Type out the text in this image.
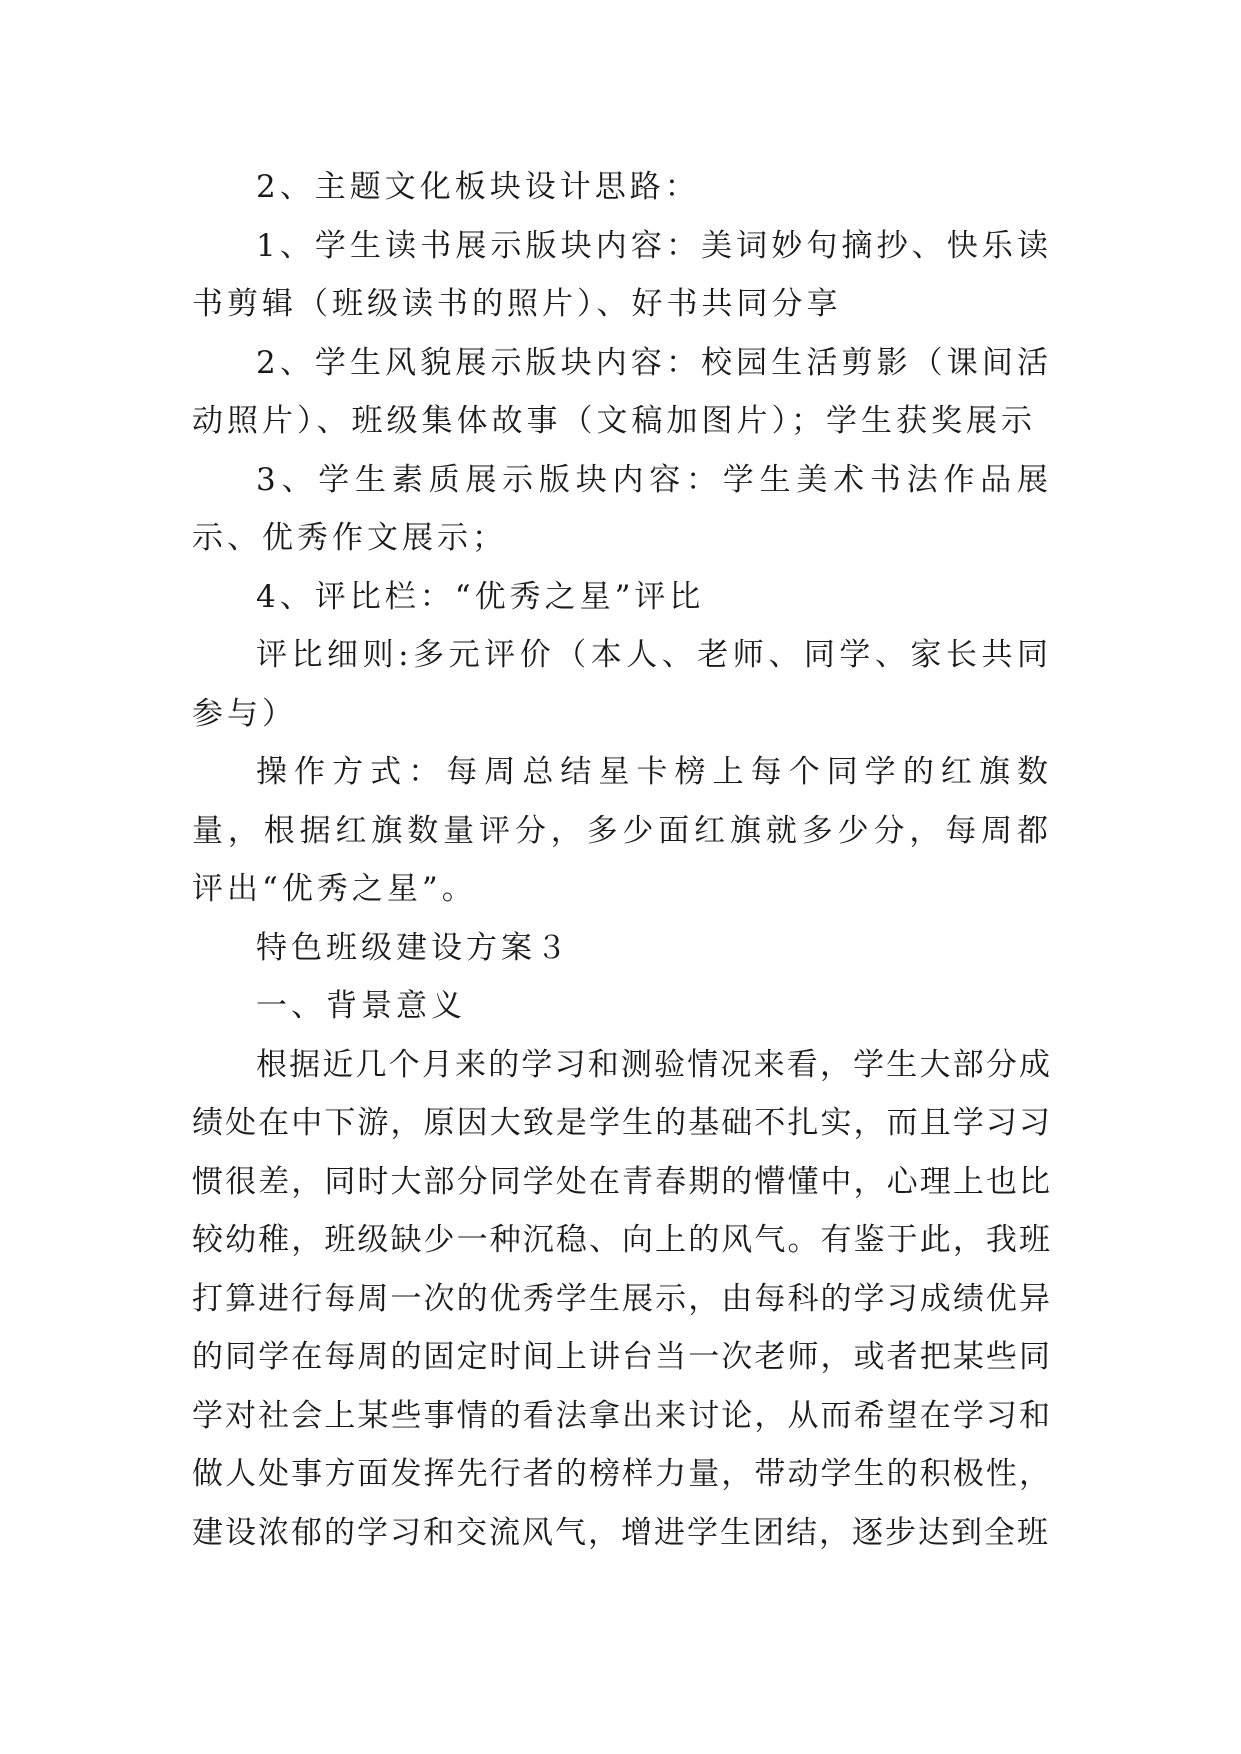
2、主题文化板块设计思路：

1、学生读书展示版块内容：美词妙句摘抄、快乐读书剪辑（班级读书的照片）、好书共同分享

2、学生风貌展示版块内容：校园生活剪影（课间活动照片）、班级集体故事（文稿加图片）；学生获奖展示

3、学生素质展示版块内容：学生美术书法作品展示、优秀作文展示；

4、评比栏：“优秀之星”评比

评比细则:多元评价（本人、老师、同学、家长共同参与）

操作方式：每周总结星卡榜上每个同学的红旗数量，根据红旗数量评分，多少面红旗就多少分，每周都评出“优秀之星”。

特色班级建设方案３

一、背景意义

根据近几个月来的学习和测验情况来看，学生大部分成绩处在中下游，原因大致是学生的基础不扎实，而且学习习惯很差，同时大部分同学处在青春期的懵懂中，心理上也比较幼稚，班级缺少一种沉稳、向上的风气。有鉴于此，我班打算进行每周一次的优秀学生展示，由每科的学习成绩优异的同学在每周的固定时间上讲台当一次老师，或者把某些同学对社会上某些事情的看法拿出来讨论，从而希望在学习和做人处事方面发挥先行者的榜样力量，带动学生的积极性，建设浓郁的学习和交流风气，增进学生团结，逐步达到全班
